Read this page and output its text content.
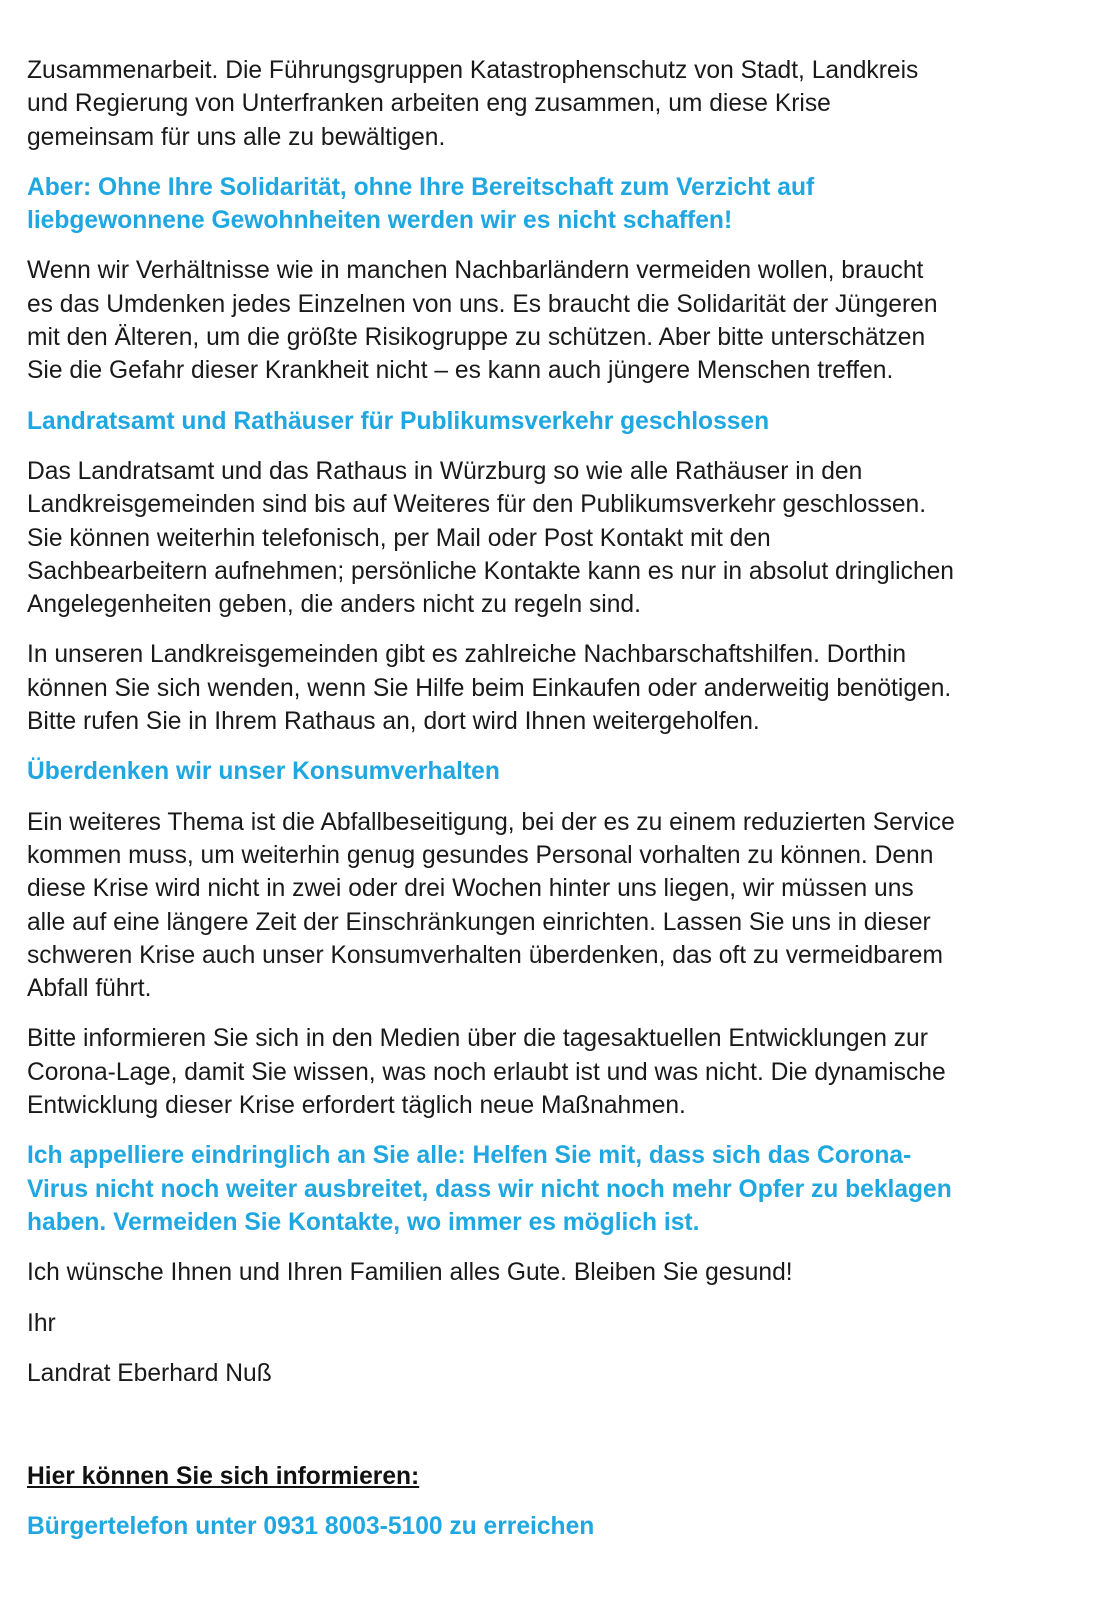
Zusammenarbeit. Die Führungsgruppen Katastrophenschutz von Stadt, Landkreis
und Regierung von Unterfranken arbeiten eng zusammen, um diese Krise
gemeinsam für uns alle zu bewältigen.
Aber: Ohne Ihre Solidarität, ohne Ihre Bereitschaft zum Verzicht auf
liebgewonnene Gewohnheiten werden wir es nicht schaffen!
Wenn wir Verhältnisse wie in manchen Nachbarländern vermeiden wollen, braucht
es das Umdenken jedes Einzelnen von uns. Es braucht die Solidarität der Jüngeren
mit den Älteren, um die größte Risikogruppe zu schützen. Aber bitte unterschätzen
Sie die Gefahr dieser Krankheit nicht – es kann auch jüngere Menschen treffen.
Landratsamt und Rathäuser für Publikumsverkehr geschlossen
Das Landratsamt und das Rathaus in Würzburg so wie alle Rathäuser in den
Landkreisgemeinden sind bis auf Weiteres für den Publikumsverkehr geschlossen.
Sie können weiterhin telefonisch, per Mail oder Post Kontakt mit den
Sachbearbeitern aufnehmen; persönliche Kontakte kann es nur in absolut dringlichen
Angelegenheiten geben, die anders nicht zu regeln sind.
In unseren Landkreisgemeinden gibt es zahlreiche Nachbarschaftshilfen. Dorthin
können Sie sich wenden, wenn Sie Hilfe beim Einkaufen oder anderweitig benötigen.
Bitte rufen Sie in Ihrem Rathaus an, dort wird Ihnen weitergeholfen.
Überdenken wir unser Konsumverhalten
Ein weiteres Thema ist die Abfallbeseitigung, bei der es zu einem reduzierten Service
kommen muss, um weiterhin genug gesundes Personal vorhalten zu können. Denn
diese Krise wird nicht in zwei oder drei Wochen hinter uns liegen, wir müssen uns
alle auf eine längere Zeit der Einschränkungen einrichten. Lassen Sie uns in dieser
schweren Krise auch unser Konsumverhalten überdenken, das oft zu vermeidbarem
Abfall führt.
Bitte informieren Sie sich in den Medien über die tagesaktuellen Entwicklungen zur
Corona-Lage, damit Sie wissen, was noch erlaubt ist und was nicht. Die dynamische
Entwicklung dieser Krise erfordert täglich neue Maßnahmen.
Ich appelliere eindringlich an Sie alle: Helfen Sie mit, dass sich das Corona-
Virus nicht noch weiter ausbreitet, dass wir nicht noch mehr Opfer zu beklagen
haben. Vermeiden Sie Kontakte, wo immer es möglich ist.
Ich wünsche Ihnen und Ihren Familien alles Gute. Bleiben Sie gesund!
Ihr
Landrat Eberhard Nuß
Hier können Sie sich informieren:
Bürgertelefon unter 0931 8003-5100 zu erreichen
